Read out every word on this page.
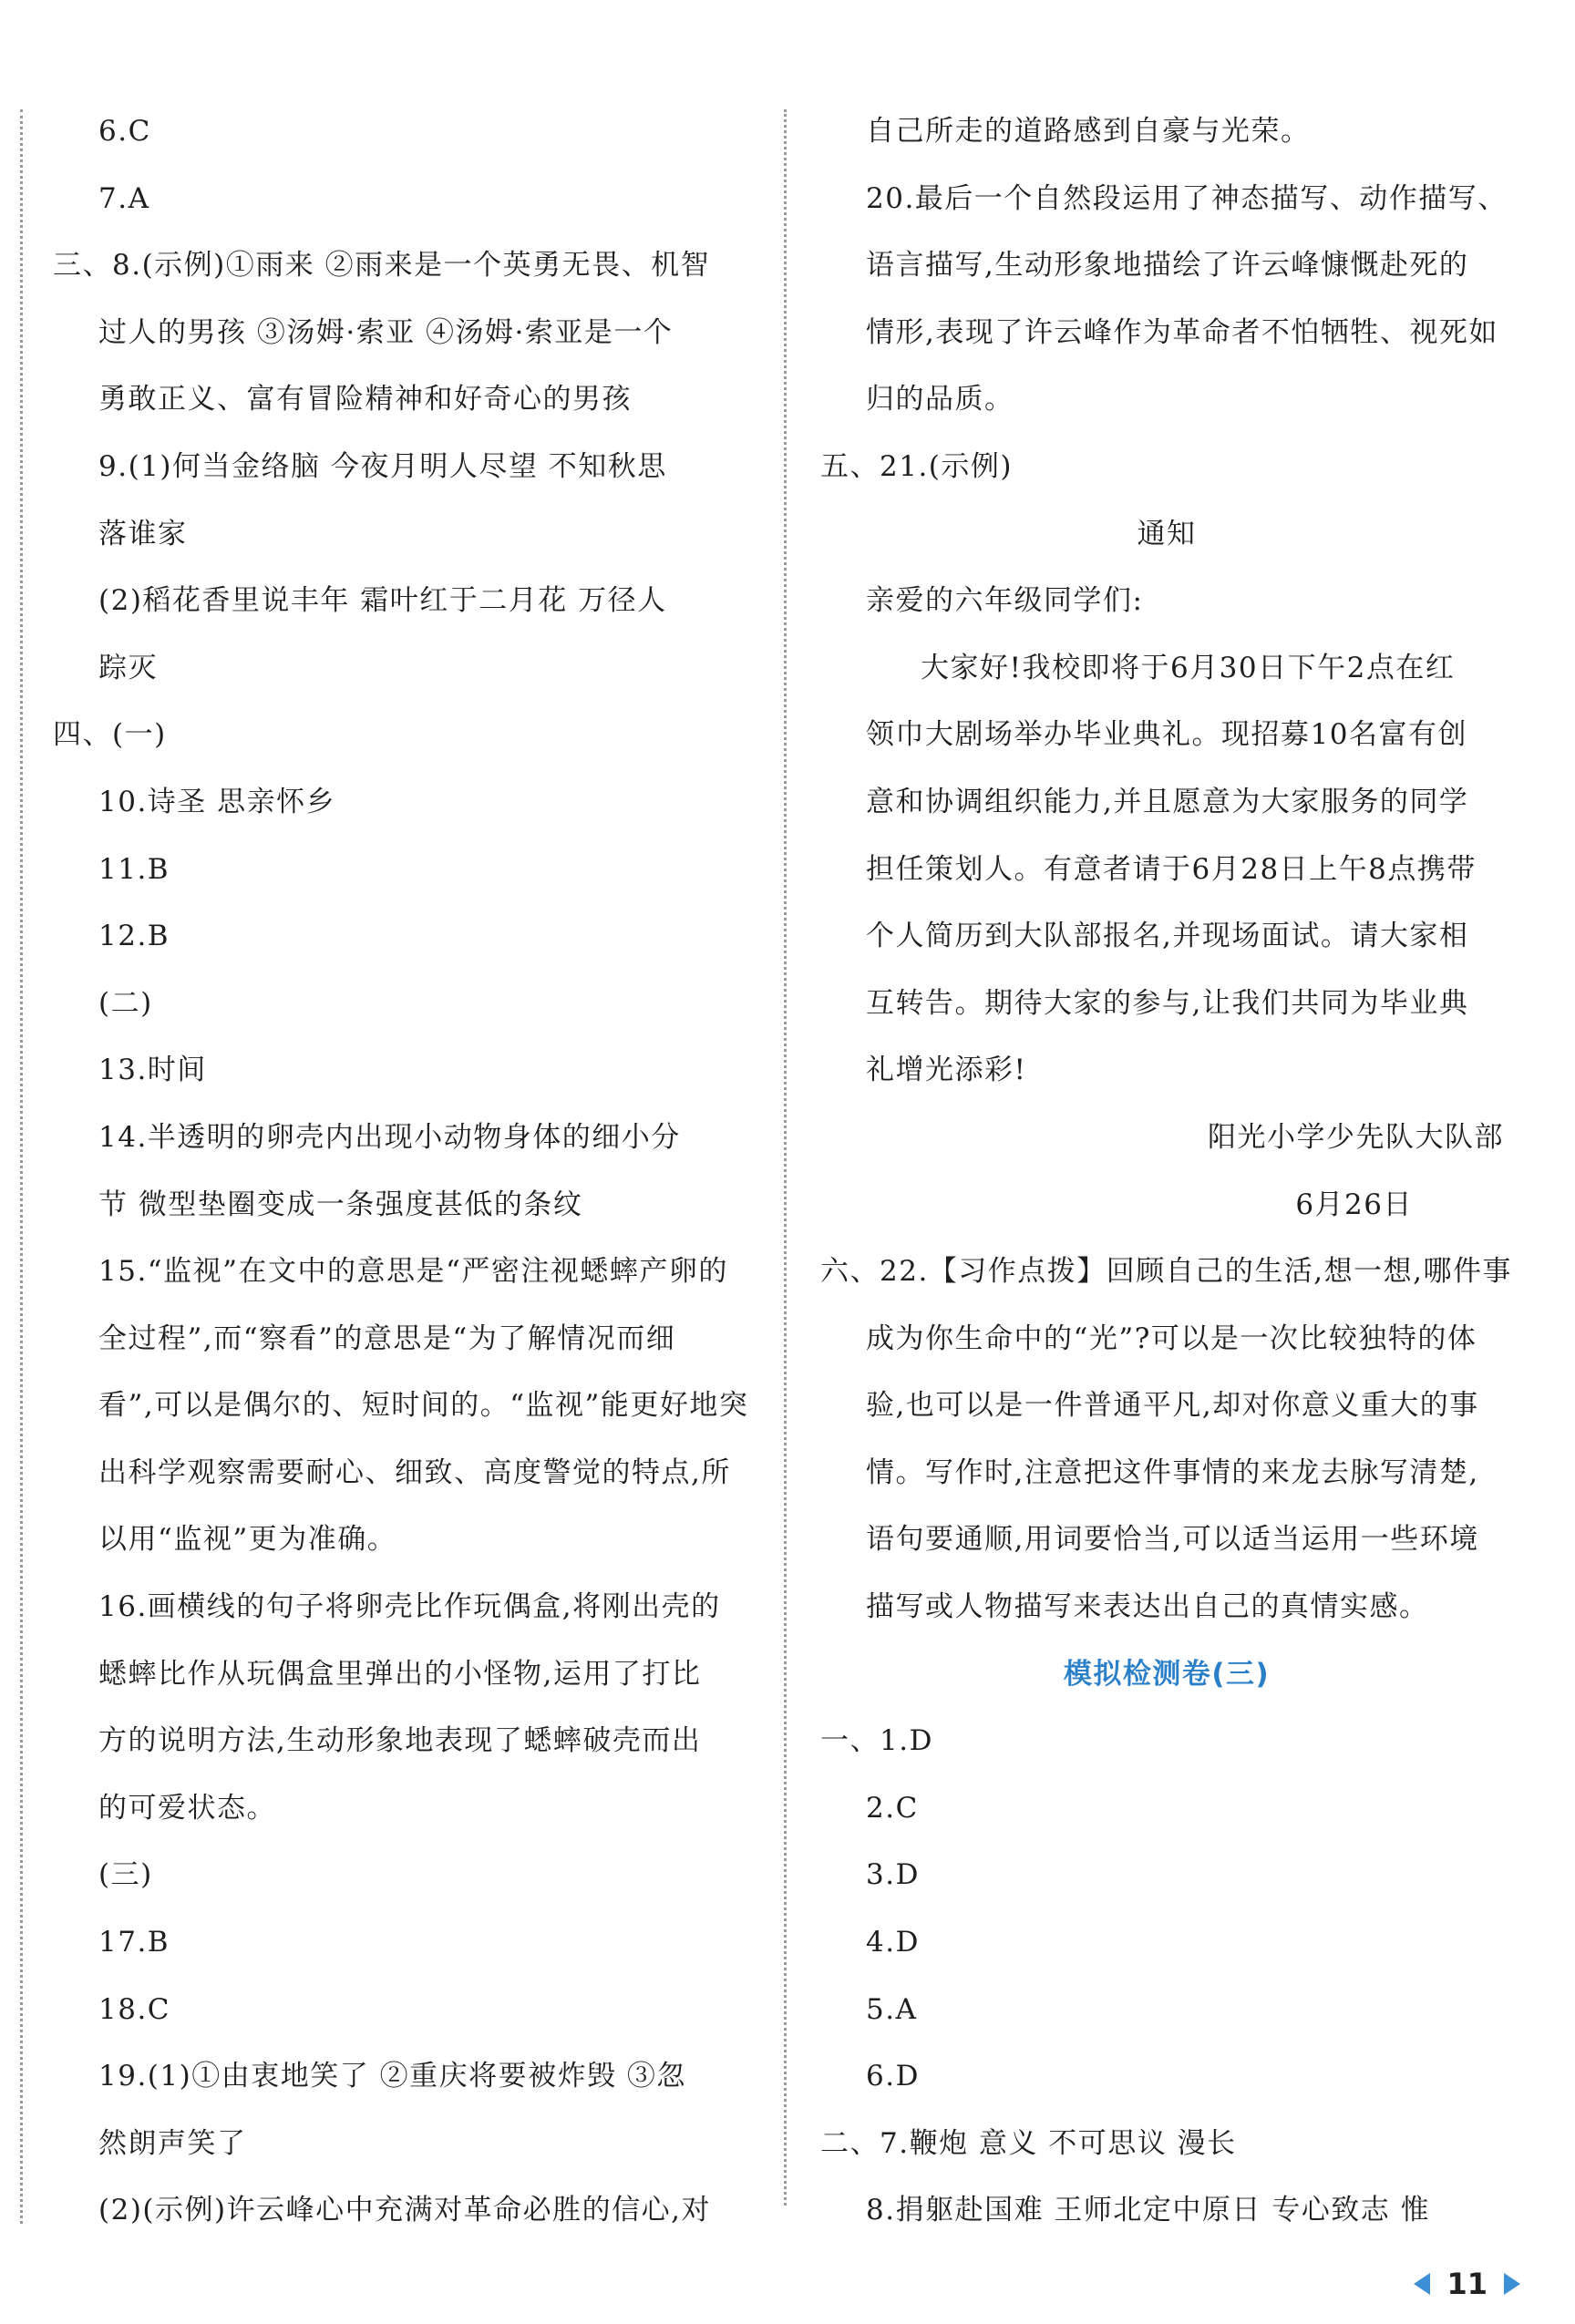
6.C
7.A
三、8.(示例)①雨来 ②雨来是一个英勇无畏、机智
过人的男孩 ③汤姆·索亚 ④汤姆·索亚是一个
勇敢正义、富有冒险精神和好奇心的男孩
9.(1)何当金络脑 今夜月明人尽望 不知秋思
落谁家
(2)稻花香里说丰年 霜叶红于二月花 万径人
踪灭
四、(一)
10.诗圣 思亲怀乡
11.B
12.B
(二)
13.时间
14.半透明的卵壳内出现小动物身体的细小分
节 微型垫圈变成一条强度甚低的条纹
15.“监视”在文中的意思是“严密注视蟋蟀产卵的
全过程”,而“察看”的意思是“为了解情况而细
看”,可以是偶尔的、短时间的。“监视”能更好地突
出科学观察需要耐心、细致、高度警觉的特点,所
以用“监视”更为准确。
16.画横线的句子将卵壳比作玩偶盒,将刚出壳的
蟋蟀比作从玩偶盒里弹出的小怪物,运用了打比
方的说明方法,生动形象地表现了蟋蟀破壳而出
的可爱状态。
(三)
17.B
18.C
19.(1)①由衷地笑了 ②重庆将要被炸毁 ③忽
然朗声笑了
(2)(示例)许云峰心中充满对革命必胜的信心,对
自己所走的道路感到自豪与光荣。
20.最后一个自然段运用了神态描写、动作描写、
语言描写,生动形象地描绘了许云峰慷慨赴死的
情形,表现了许云峰作为革命者不怕牺牲、视死如
归的品质。
五、21.(示例)
通知
亲爱的六年级同学们:
大家好!我校即将于6月30日下午2点在红
领巾大剧场举办毕业典礼。现招募10名富有创
意和协调组织能力,并且愿意为大家服务的同学
担任策划人。有意者请于6月28日上午8点携带
个人简历到大队部报名,并现场面试。请大家相
互转告。期待大家的参与,让我们共同为毕业典
礼增光添彩!
阳光小学少先队大队部
6月26日
六、22.【习作点拨】回顾自己的生活,想一想,哪件事
成为你生命中的“光”?可以是一次比较独特的体
验,也可以是一件普通平凡,却对你意义重大的事
情。写作时,注意把这件事情的来龙去脉写清楚,
语句要通顺,用词要恰当,可以适当运用一些环境
描写或人物描写来表达出自己的真情实感。
模拟检测卷(三)
一、1.D
2.C
3.D
4.D
5.A
6.D
二、7.鞭炮 意义 不可思议 漫长
8.捐躯赴国难 王师北定中原日 专心致志 惟
11
